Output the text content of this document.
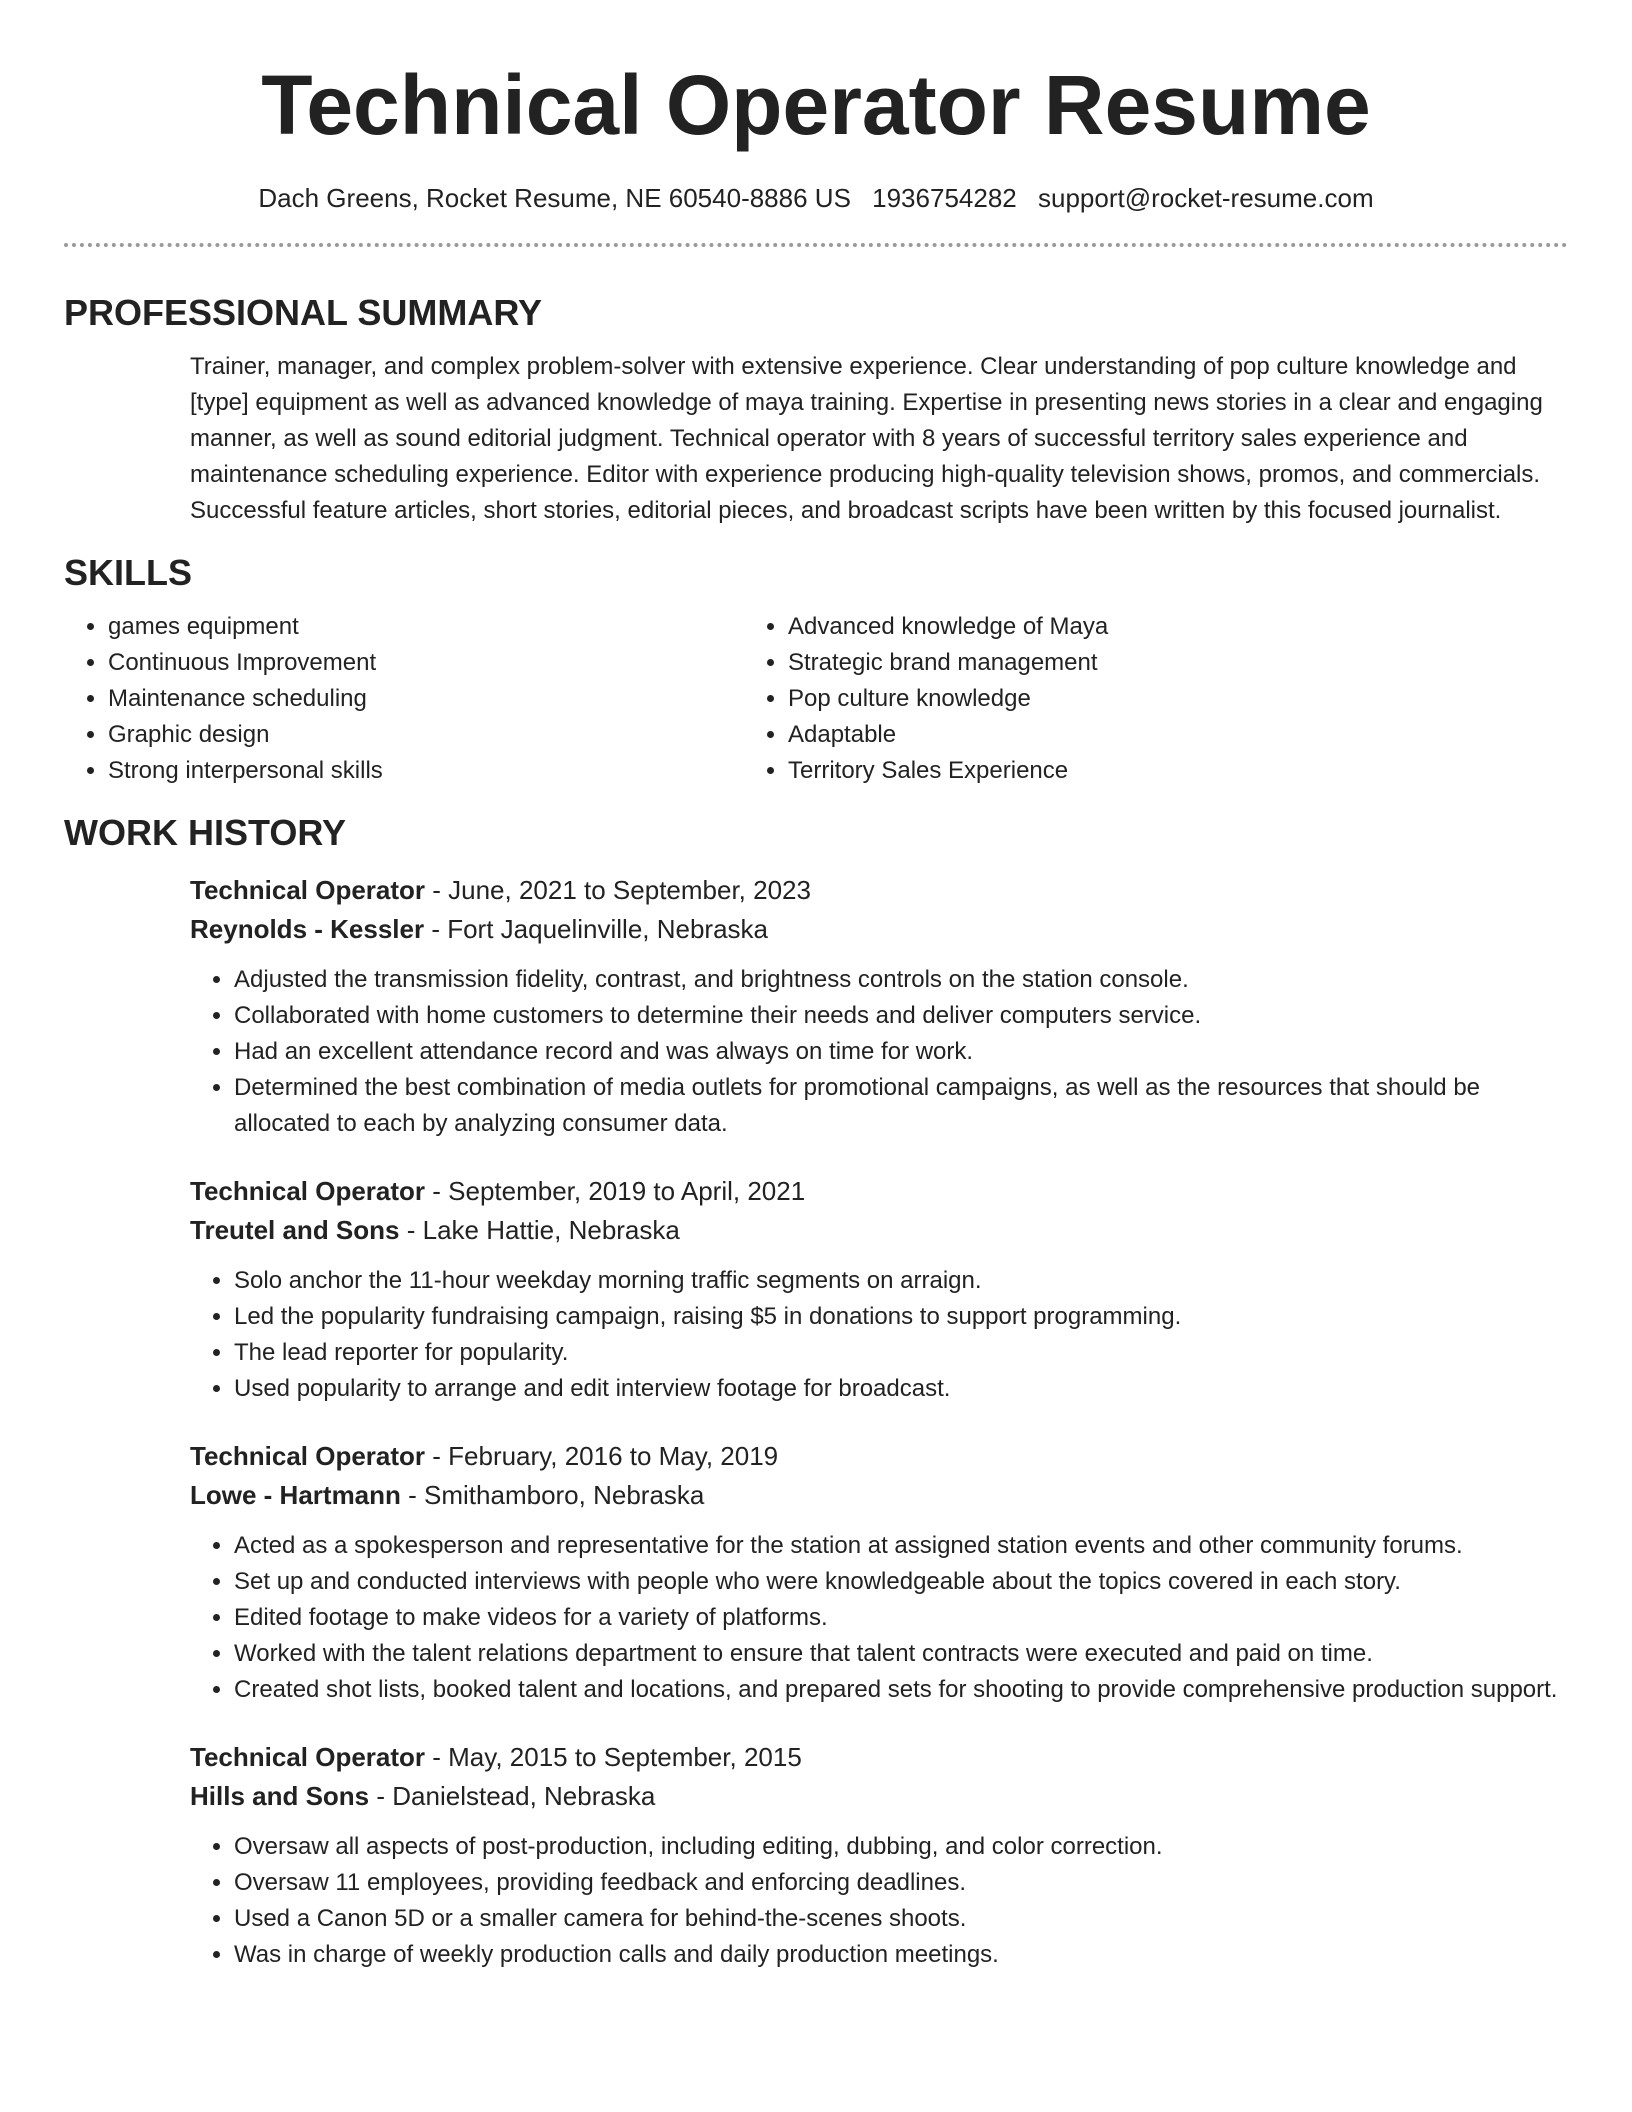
Technical Operator Resume
Dach Greens, Rocket Resume, NE 60540-8886 US 1936754282 support@rocket-resume.com
PROFESSIONAL SUMMARY

Trainer, manager, and complex problem-solver with extensive experience. Clear understanding of pop culture knowledge and [type] equipment as well as advanced knowledge of maya training. Expertise in presenting news stories in a clear and engaging manner, as well as sound editorial judgment. Technical operator with 8 years of successful territory sales experience and maintenance scheduling experience. Editor with experience producing high-quality television shows, promos, and commercials. Successful feature articles, short stories, editorial pieces, and broadcast scripts have been written by this focused journalist.

SKILLS
• games equipment
• Continuous Improvement
• Maintenance scheduling
• Graphic design
• Strong interpersonal skills
• Advanced knowledge of Maya
• Strategic brand management
• Pop culture knowledge
• Adaptable
• Territory Sales Experience
WORK HISTORY
Technical Operator - June, 2021 to September, 2023
Reynolds - Kessler - Fort Jaquelinville, Nebraska
• Adjusted the transmission fidelity, contrast, and brightness controls on the station console.
• Collaborated with home customers to determine their needs and deliver computers service.
• Had an excellent attendance record and was always on time for work.
• Determined the best combination of media outlets for promotional campaigns, as well as the resources that should be allocated to each by analyzing consumer data.
Technical Operator - September, 2019 to April, 2021
Treutel and Sons - Lake Hattie, Nebraska
• Solo anchor the 11-hour weekday morning traffic segments on arraign.
• Led the popularity fundraising campaign, raising $5 in donations to support programming.
• The lead reporter for popularity.
• Used popularity to arrange and edit interview footage for broadcast.
Technical Operator - February, 2016 to May, 2019
Lowe - Hartmann - Smithamboro, Nebraska
• Acted as a spokesperson and representative for the station at assigned station events and other community forums.
• Set up and conducted interviews with people who were knowledgeable about the topics covered in each story.
• Edited footage to make videos for a variety of platforms.
• Worked with the talent relations department to ensure that talent contracts were executed and paid on time.
• Created shot lists, booked talent and locations, and prepared sets for shooting to provide comprehensive production support.
Technical Operator - May, 2015 to September, 2015
Hills and Sons - Danielstead, Nebraska
• Oversaw all aspects of post-production, including editing, dubbing, and color correction.
• Oversaw 11 employees, providing feedback and enforcing deadlines.
• Used a Canon 5D or a smaller camera for behind-the-scenes shoots.
• Was in charge of weekly production calls and daily production meetings.
